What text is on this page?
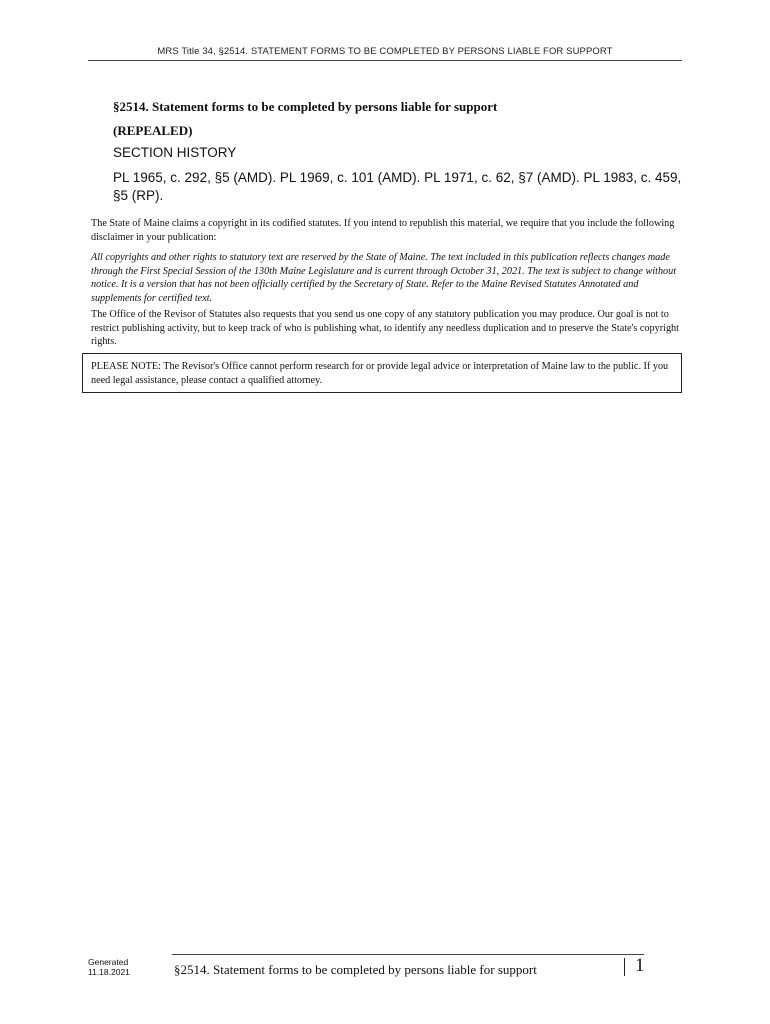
MRS Title 34, §2514. STATEMENT FORMS TO BE COMPLETED BY PERSONS LIABLE FOR SUPPORT
§2514. Statement forms to be completed by persons liable for support
(REPEALED)
SECTION HISTORY
PL 1965, c. 292, §5 (AMD). PL 1969, c. 101 (AMD). PL 1971, c. 62, §7 (AMD). PL 1983, c. 459, §5 (RP).
The State of Maine claims a copyright in its codified statutes. If you intend to republish this material, we require that you include the following disclaimer in your publication:
All copyrights and other rights to statutory text are reserved by the State of Maine. The text included in this publication reflects changes made through the First Special Session of the 130th Maine Legislature and is current through October 31, 2021. The text is subject to change without notice. It is a version that has not been officially certified by the Secretary of State. Refer to the Maine Revised Statutes Annotated and supplements for certified text.
The Office of the Revisor of Statutes also requests that you send us one copy of any statutory publication you may produce. Our goal is not to restrict publishing activity, but to keep track of who is publishing what, to identify any needless duplication and to preserve the State's copyright rights.
PLEASE NOTE: The Revisor's Office cannot perform research for or provide legal advice or interpretation of Maine law to the public. If you need legal assistance, please contact a qualified attorney.
Generated
11.18.2021	§2514. Statement forms to be completed by persons liable for support	1
